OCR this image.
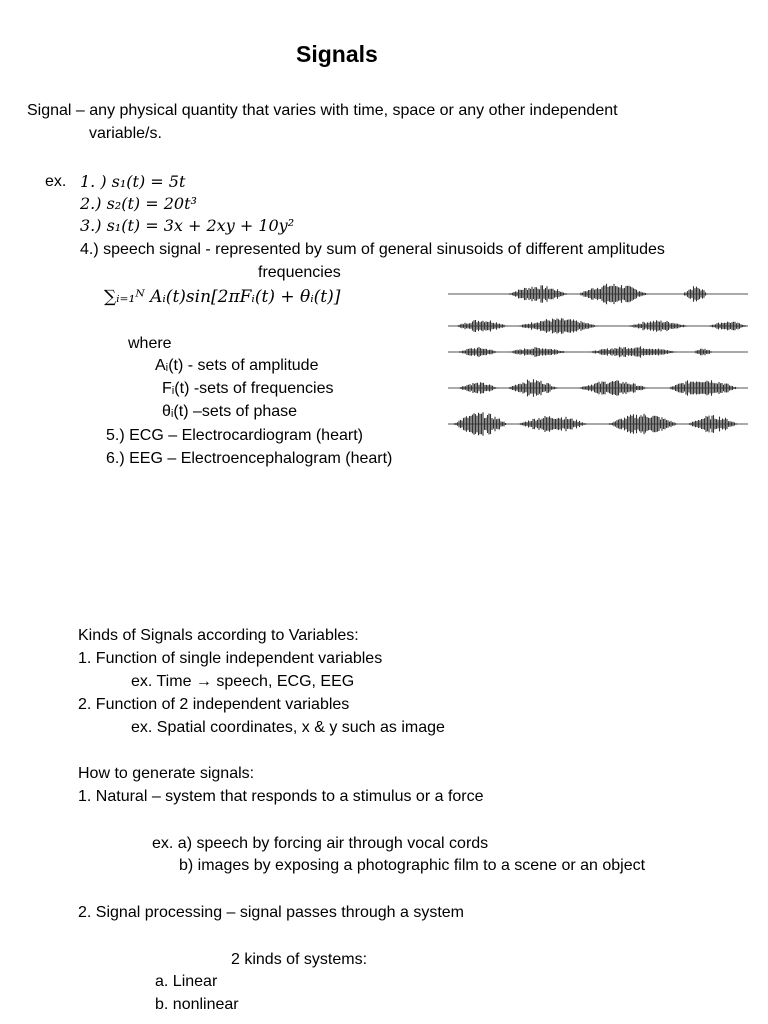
Signals
Signal – any physical quantity that varies with time, space or any other independent
variable/s.
ex. 1. ) s₁(t) = 5t
2.) s₂(t) = 20t³
3.) s₁(t) = 3x + 2xy + 10y²
4.) speech signal - represented by sum of general sinusoids of different amplitudes
frequencies
∑ᵢ₌₁ᴺ Aᵢ(t)sin[2πFᵢ(t) + θᵢ(t)]
where
Aᵢ(t) - sets of amplitude
Fᵢ(t) -sets of frequencies
θᵢ(t) –sets of phase
5.) ECG – Electrocardiogram (heart)
6.) EEG – Electroencephalogram (heart)
Kinds of Signals according to Variables:
1. Function of single independent variables
ex. Time → speech, ECG, EEG
2. Function of 2 independent variables
ex. Spatial coordinates, x & y such as image
How to generate signals:
1. Natural – system that responds to a stimulus or a force
ex. a) speech by forcing air through vocal cords
b) images by exposing a photographic film to a scene or an object
2. Signal processing – signal passes through a system
2 kinds of systems:
a. Linear
b. nonlinear
